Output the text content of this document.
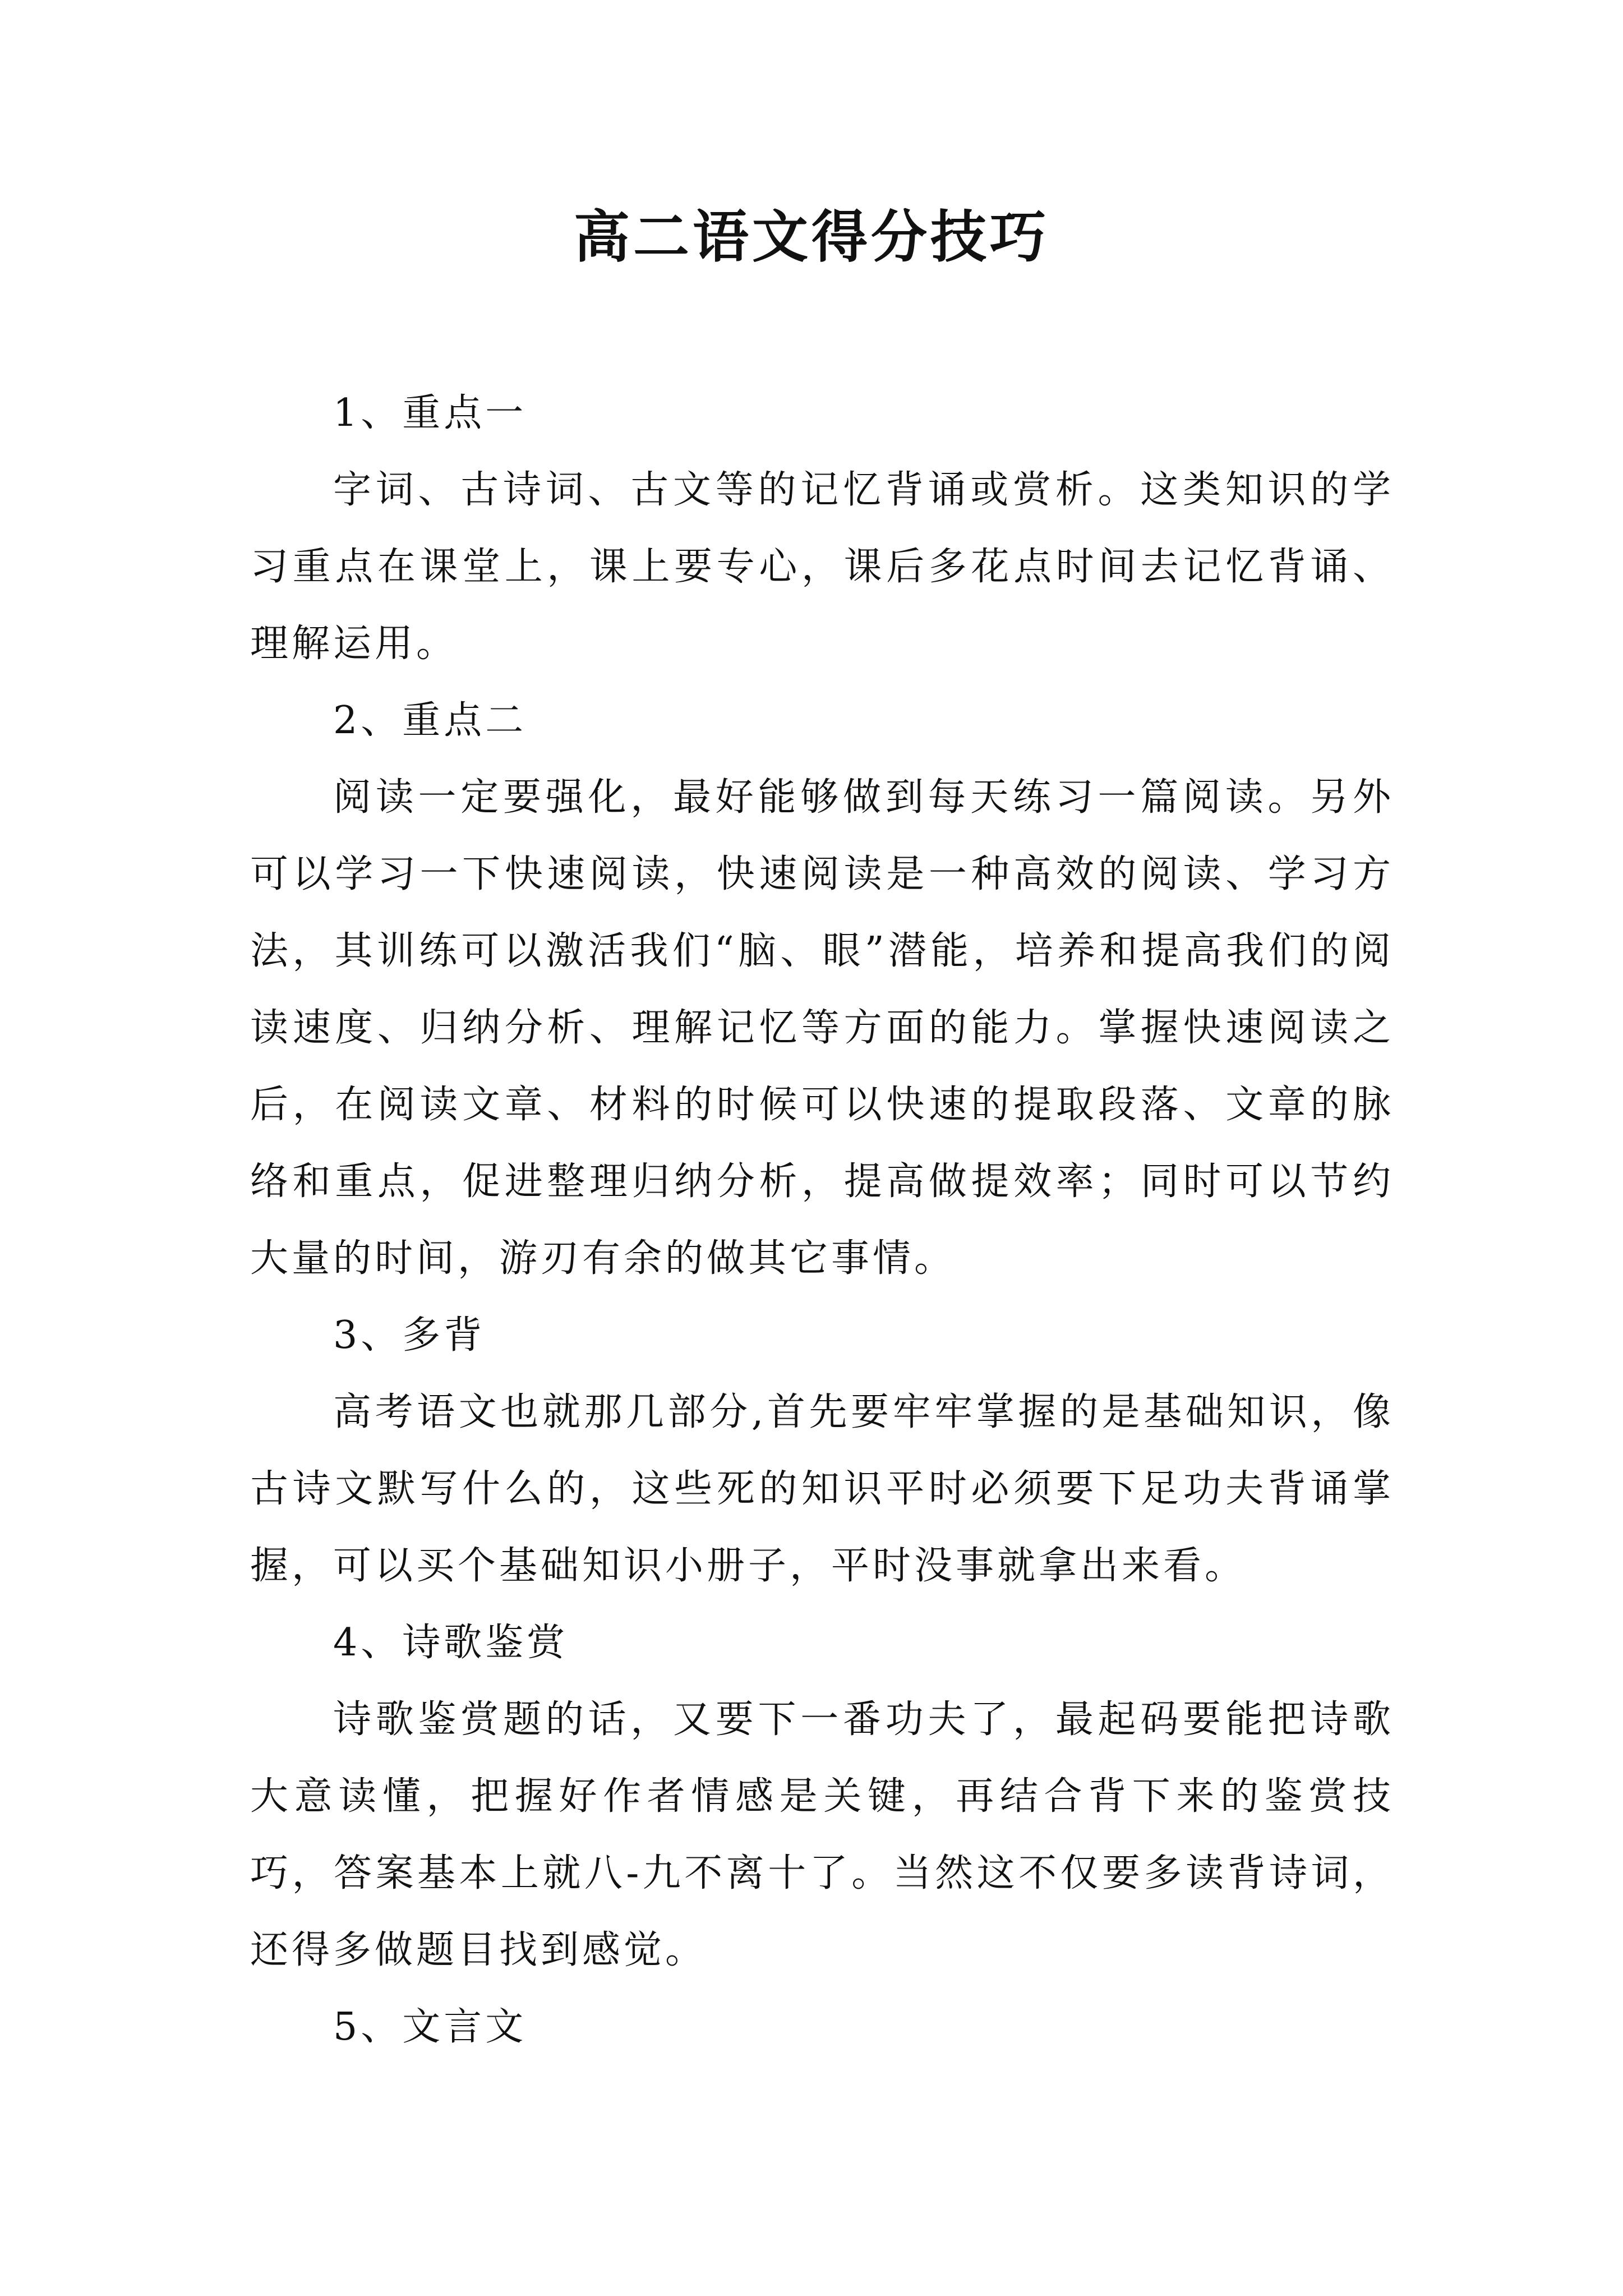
高二语文得分技巧

1、重点一

字词、古诗词、古文等的记忆背诵或赏析。这类知识的学习重点在课堂上，课上要专心，课后多花点时间去记忆背诵、理解运用。

2、重点二

阅读一定要强化，最好能够做到每天练习一篇阅读。另外可以学习一下快速阅读，快速阅读是一种高效的阅读、学习方法，其训练可以激活我们“脑、眼”潜能，培养和提高我们的阅读速度、归纳分析、理解记忆等方面的能力。掌握快速阅读之后，在阅读文章、材料的时候可以快速的提取段落、文章的脉络和重点，促进整理归纳分析，提高做提效率；同时可以节约大量的时间，游刃有余的做其它事情。

3、多背

高考语文也就那几部分,首先要牢牢掌握的是基础知识，像古诗文默写什么的，这些死的知识平时必须要下足功夫背诵掌握，可以买个基础知识小册子，平时没事就拿出来看。

4、诗歌鉴赏

诗歌鉴赏题的话，又要下一番功夫了，最起码要能把诗歌大意读懂，把握好作者情感是关键，再结合背下来的鉴赏技巧，答案基本上就八-九不离十了。当然这不仅要多读背诗词，还得多做题目找到感觉。

5、文言文
